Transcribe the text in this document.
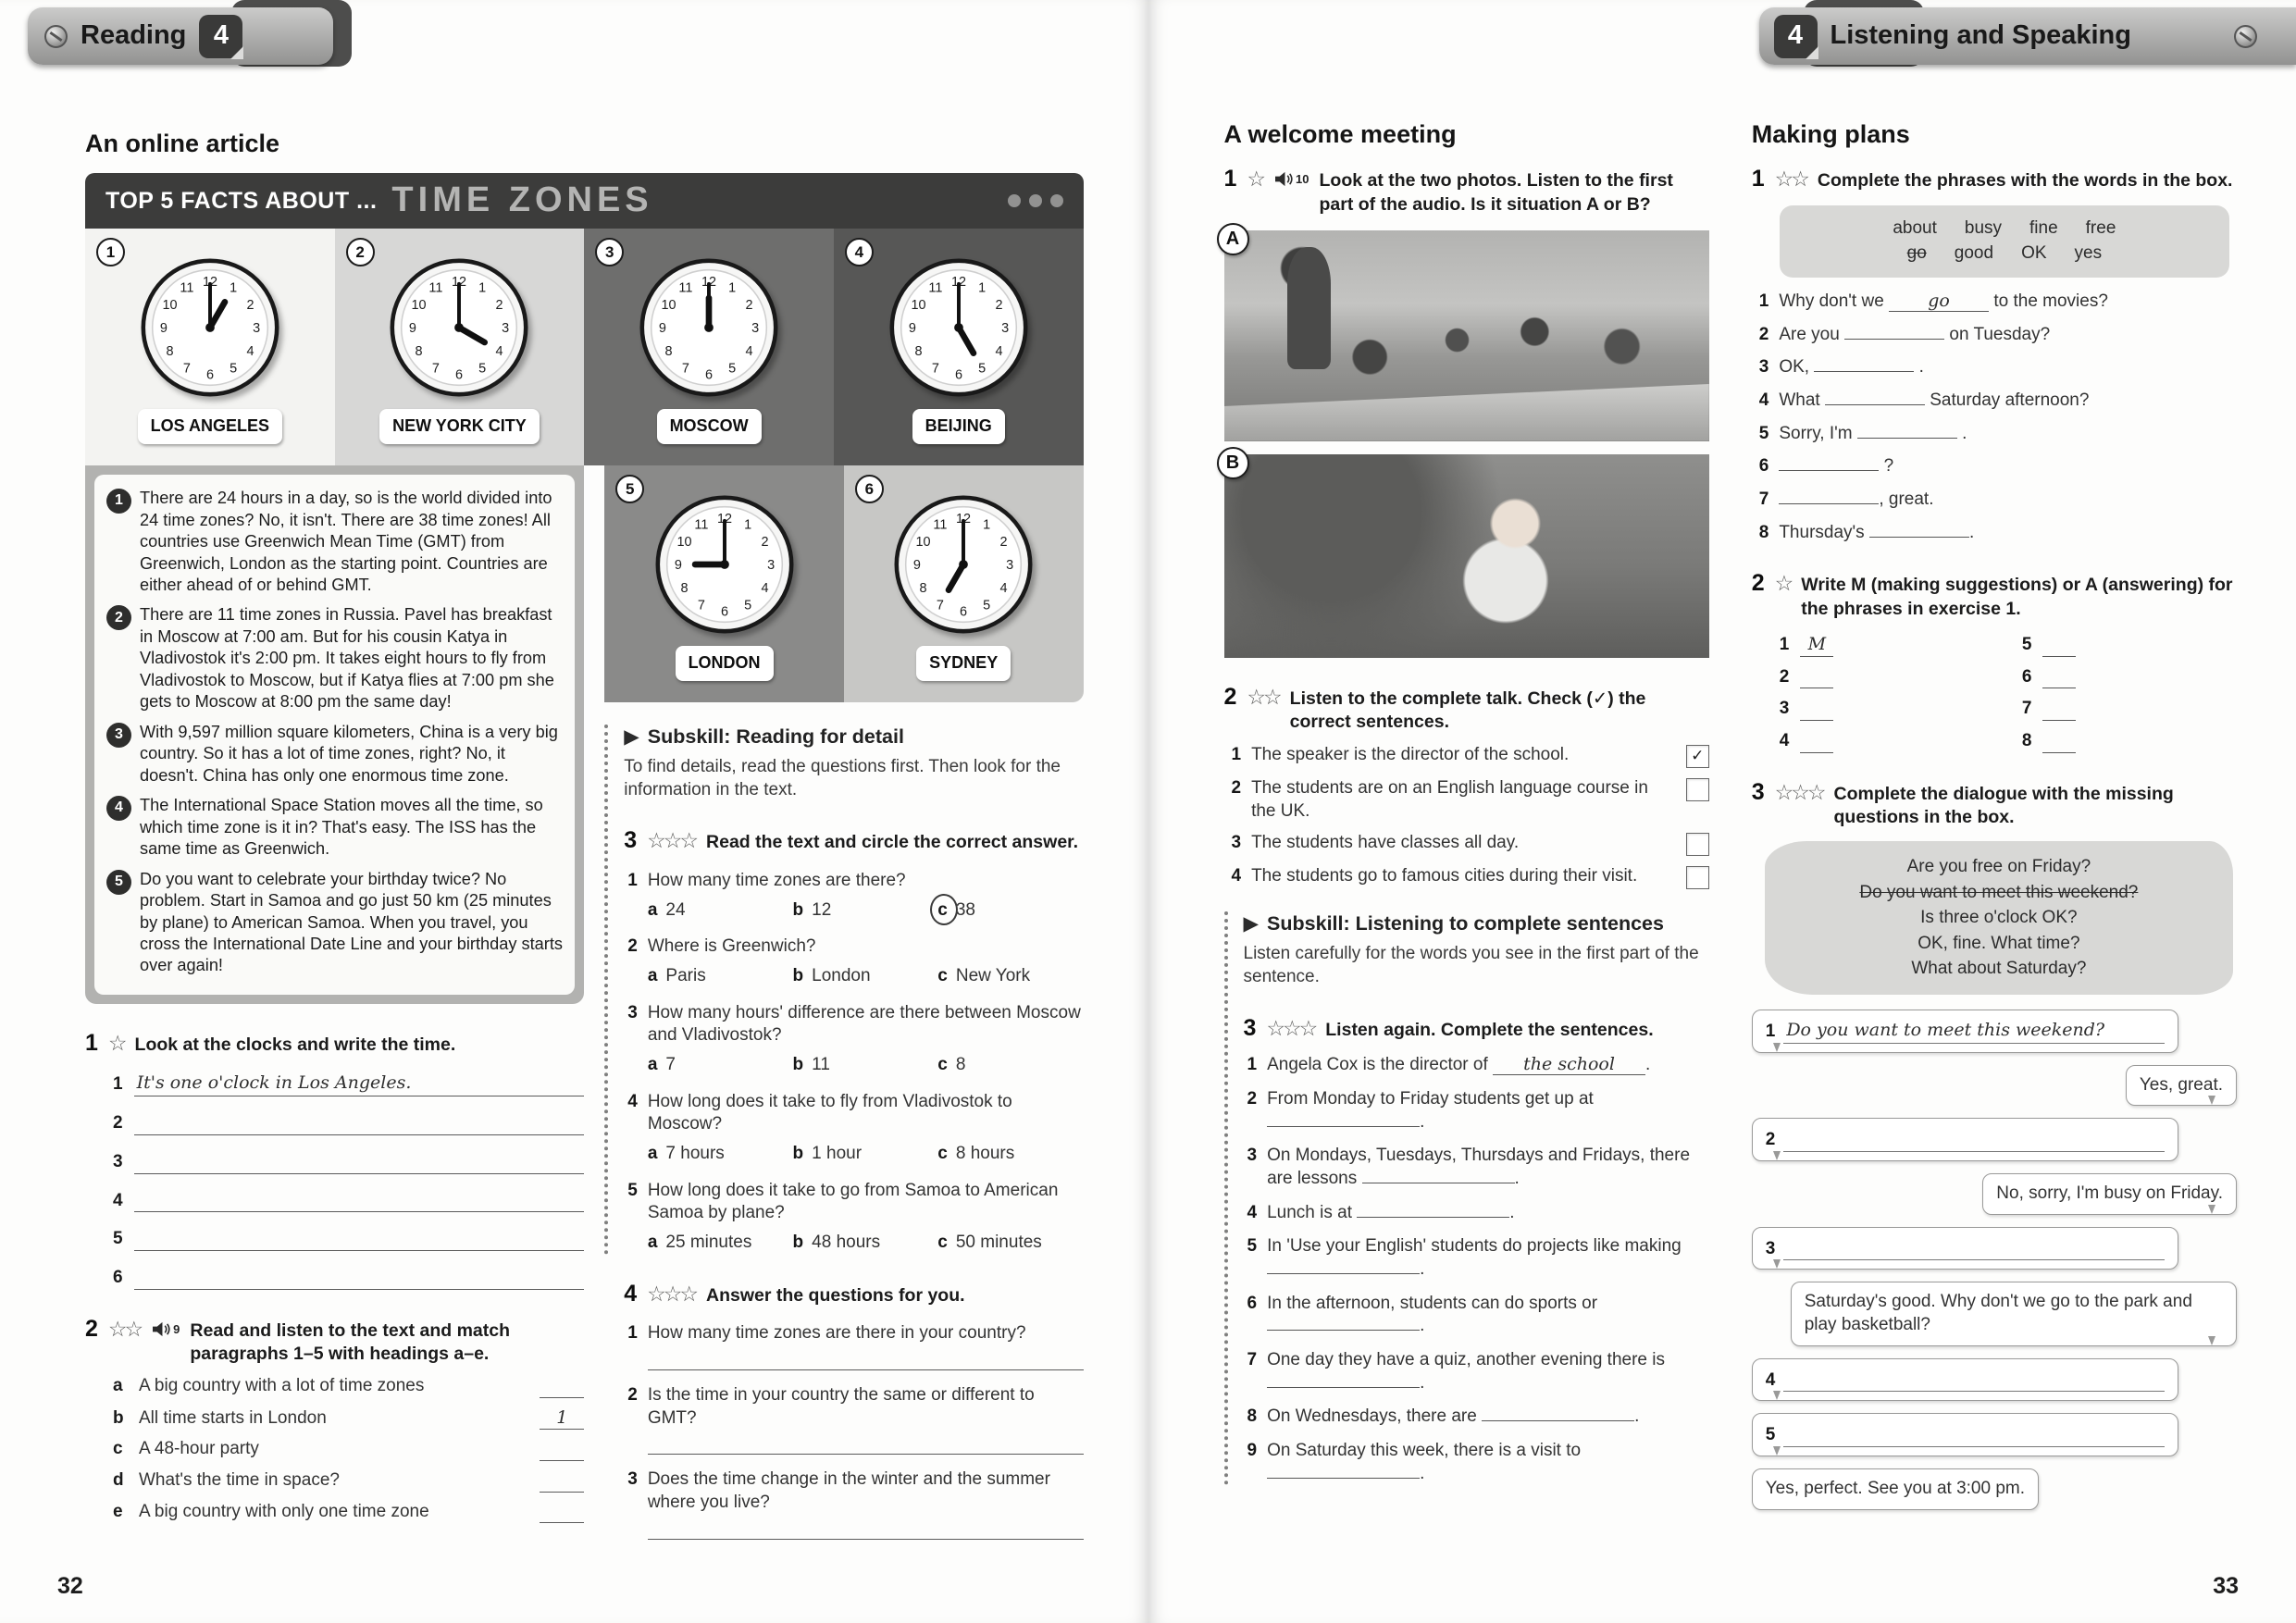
Reading	4
An online article
TOP 5 FACTS ABOUT ... TIME ZONES
1
1
2
3
4
5
6
7
8
9
10
11 12
LOS ANGELES
2
1
2
3
4
5
6
7
8
9
10
11 12
NEW YORK CITY
3
1
2
3
4
5
6
7
8
9
10
11 12
MOSCOW
4
1
2
3
4
5
6
7
8
9
10
11 12
BEIJING
1 There are 24 hours in a day, so is the world divided into 24 time zones? No, it isn't. There are 38 time zones! All countries use Greenwich Mean Time (GMT) from Greenwich, London as the starting point. Countries are either ahead of or behind GMT.
2 There are 11 time zones in Russia. Pavel has breakfast in Moscow at 7:00 am. But for his cousin Katya in Vladivostok it's 2:00 pm. It takes eight hours to fly from Vladivostok to Moscow, but if Katya flies at 7:00 pm she gets to Moscow at 8:00 pm the same day!
3 With 9,597 million square kilometers, China is a very big country. So it has a lot of time zones, right? No, it doesn't. China has only one enormous time zone.
4 The International Space Station moves all the time, so which time zone is it in? That's easy. The ISS has the same time as Greenwich.
5 Do you want to celebrate your birthday twice? No problem. Start in Samoa and go just 50 km (25 minutes by plane) to American Samoa. When you travel, you cross the International Date Line and your birthday starts over again!
1 ☆ Look at the clocks and write the time.
1 It's one o'clock in Los Angeles.
2
3
4
5
6
2 ☆☆	9 Read and listen to the text and match paragraphs 1–5 with headings a–e.
a A big country with a lot of time zones
b All time starts in London	1
c A 48-hour party
d What's the time in space?
e A big country with only one time zone
5
1
2
3
4
5
6
7
8
9
10
11 12
LONDON
6
1
2
3
4
5
6
7
8
9
10
11 12
SYDNEY
▶ Subskill: Reading for detail
To find details, read the questions first. Then look for the information in the text.
3 ☆☆☆ Read the text and circle the correct answer.
1 How many time zones are there?
a 24	b 12	c 38
2 Where is Greenwich?
a Paris	b London	c New York
3 How many hours' difference are there between Moscow and Vladivostok?
a 7	b 11	c 8
4 How long does it take to fly from Vladivostok to Moscow?
a 7 hours	b 1 hour	c 8 hours
5 How long does it take to go from Samoa to American Samoa by plane?
a 25 minutes b 48 hours	c 50 minutes
4 ☆☆☆ Answer the questions for you.
1 How many time zones are there in your country?
2 Is the time in your country the same or different to GMT?
3 Does the time change in the winter and the summer where you live?
32
4	Listening and Speaking
A welcome meeting
1 ☆	10 Look at the two photos. Listen to the first part of the audio. Is it situation A or B?
A
B
2 ☆☆ Listen to the complete talk. Check (✓) the correct sentences.
1 The speaker is the director of the school.
✓
2 The students are on an English language course in the UK.
3 The students have classes all day.
4 The students go to famous cities during their visit.
▶ Subskill: Listening to complete sentences
Listen carefully for the words you see in the first part of the sentence.
3 ☆☆☆ Listen again. Complete the sentences.
1 Angela Cox is the director of the school .
2 From Monday to Friday students get up at .
3 On Mondays, Tuesdays, Thursdays and Fridays, there are lessons	.
4 Lunch is at	.
5 In 'Use your English' students do projects like making .
6 In the afternoon, students can do sports or .
7 One day they have a quiz, another evening there is .
8 On Wednesdays, there are	.
9 On Saturday this week, there is a visit to .
Making plans
1 ☆☆ Complete the phrases with the words in the box.
about busy fine free
go good OK yes
1 Why don't we go to the movies?
2 Are you	on Tuesday?
3 OK,	.
4 What	Saturday afternoon?
5 Sorry, I'm	.
6	?
7	, great.
8 Thursday's	.
2 ☆ Write M (making suggestions) or A (answering) for the phrases in exercise 1.
1	M	5
2	6
3	7
4	8
3 ☆☆☆ Complete the dialogue with the missing questions in the box.
Are you free on Friday?
Do you want to meet this weekend?
Is three o'clock OK?
OK, fine. What time?
What about Saturday?
1 Do you want to meet this weekend?
Yes, great.
2
No, sorry, I'm busy on Friday.
3
Saturday's good. Why don't we go to the park and play basketball?
4
5
Yes, perfect. See you at 3:00 pm.
33
